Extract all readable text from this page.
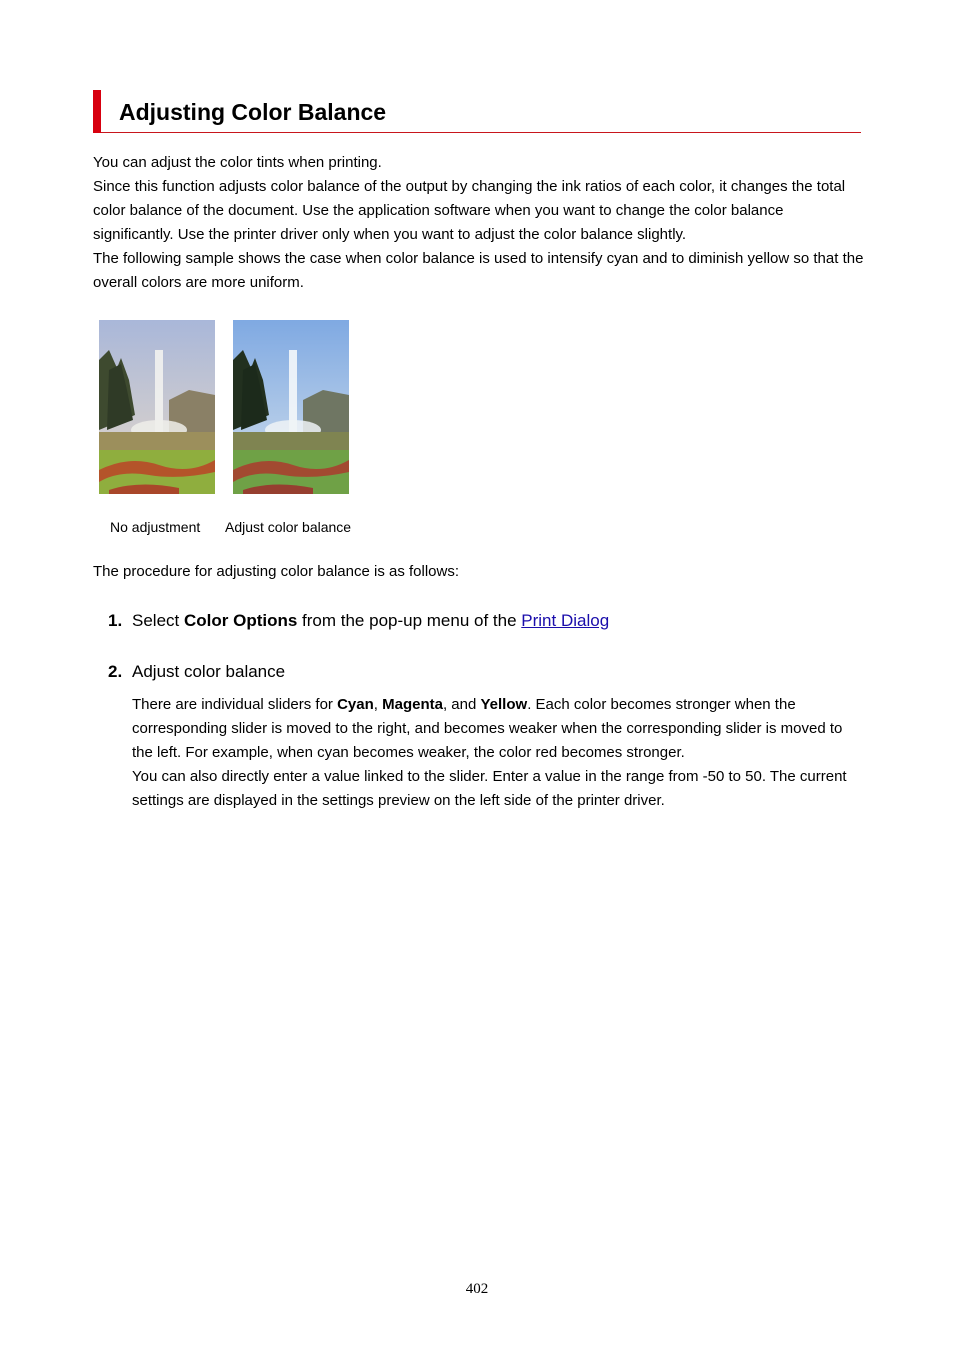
Adjusting Color Balance

You can adjust the color tints when printing.

Since this function adjusts color balance of the output by changing the ink ratios of each color, it changes the total color balance of the document. Use the application software when you want to change the color balance significantly. Use the printer driver only when you want to adjust the color balance slightly.

The following sample shows the case when color balance is used to intensify cyan and to diminish yellow so that the overall colors are more uniform.

No adjustment Adjust color balance
The procedure for adjusting color balance is as follows:
1. Select Color Options from the pop-up menu of the Print Dialog
2. Adjust color balance

There are individual sliders for Cyan, Magenta, and Yellow. Each color becomes stronger when the corresponding slider is moved to the right, and becomes weaker when the corresponding slider is moved to the left. For example, when cyan becomes weaker, the color red becomes stronger.

You can also directly enter a value linked to the slider. Enter a value in the range from -50 to 50. The current settings are displayed in the settings preview on the left side of the printer driver.

402
